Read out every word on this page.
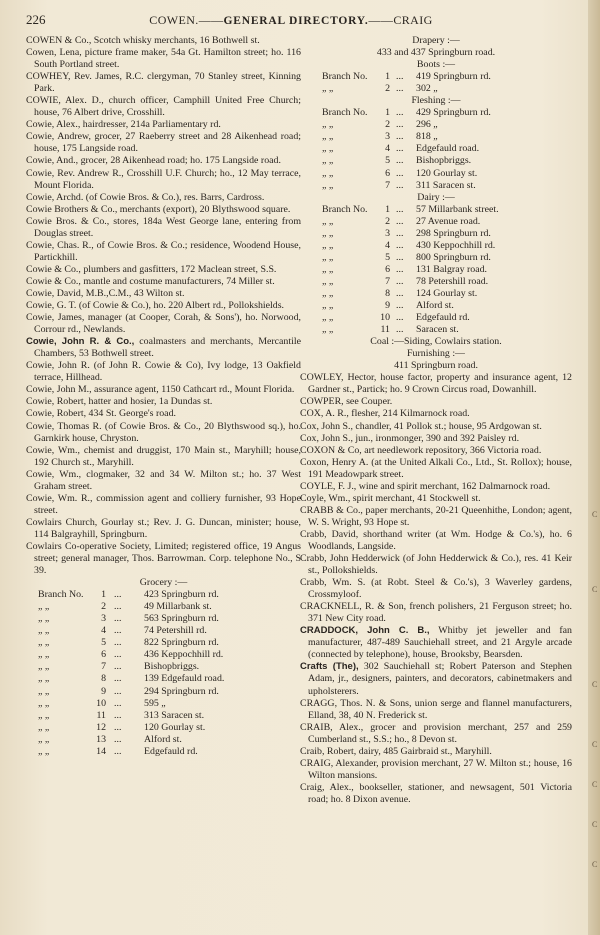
226	COWEN.——GENERAL DIRECTORY.——CRAIG
COWEN & Co., Scotch whisky merchants, 16 Bothwell st.
Cowen, Lena, picture frame maker, 54a Gt. Hamilton street; ho. 116 South Portland street.
COWHEY, Rev. James, R.C. clergyman, 70 Stanley street, Kinning Park.
COWIE, Alex. D., church officer, Camphill United Free Church; house, 76 Albert drive, Crosshill.
Cowie, Alex., hairdresser, 214a Parliamentary rd.
Cowie, Andrew, grocer, 27 Raeberry street and 28 Aikenhead road; house, 175 Langside road.
Cowie, And., grocer, 28 Aikenhead road; ho. 175 Langside road.
Cowie, Rev. Andrew R., Crosshill U.F. Church; ho., 12 May terrace, Mount Florida.
Cowie, Archd. (of Cowie Bros. & Co.), res. Barrs, Cardross.
Cowie Brothers & Co., merchants (export), 20 Blythswood square.
Cowie Bros. & Co., stores, 184a West George lane, entering from Douglas street.
Cowie, Chas. R., of Cowie Bros. & Co.; residence, Woodend House, Partickhill.
Cowie & Co., plumbers and gasfitters, 172 Maclean street, S.S.
Cowie & Co., mantle and costume manufacturers, 74 Miller st.
Cowie, David, M.B.,C.M., 43 Wilton st.
Cowie, G. T. (of Cowie & Co.), ho. 220 Albert rd., Pollokshields.
Cowie, James, manager (at Cooper, Corah, & Sons'), ho. Norwood, Corrour rd., Newlands.
Cowie, John R. & Co., coalmasters and merchants, Mercantile Chambers, 53 Bothwell street.
Cowie, John R. (of John R. Cowie & Co), Ivy lodge, 13 Oakfield terrace, Hillhead.
Cowie, John M., assurance agent, 1150 Cathcart rd., Mount Florida.
Cowie, Robert, hatter and hosier, 1a Dundas st.
Cowie, Robert, 434 St. George's road.
Cowie, Thomas R. (of Cowie Bros. & Co., 20 Blythswood sq.), ho. Garnkirk house, Chryston.
Cowie, Wm., chemist and druggist, 170 Main st., Maryhill; house, 192 Church st., Maryhill.
Cowie, Wm., clogmaker, 32 and 34 W. Milton st.; ho. 37 West Graham street.
Cowie, Wm. R., commission agent and colliery furnisher, 93 Hope street.
Cowlairs Church, Gourlay st.; Rev. J. G. Duncan, minister; house, 114 Balgrayhill, Springburn.
Cowlairs Co-operative Society, Limited; registered office, 19 Angus street; general manager, Thos. Barrowman. Corp. telephone No., S 39.
Grocery :—
Branch No.	1 ... 423 Springburn rd.
„ „	2 ... 49 Millarbank st.
„ „	3 ... 563 Springburn rd.
„ „	4 ... 74 Petershill rd.
„ „	5 ... 822 Springburn rd.
„ „	6 ... 436 Keppochhill rd.
„ „	7 ... Bishopbriggs.
„ „	8 ... 139 Edgefauld road.
„ „	9 ... 294 Springburn rd.
„ „	10 ... 595 „
„ „	11 ... 313 Saracen st.
„ „	12 ... 120 Gourlay st.
„ „	13 ... Alford st.
„ „	14 ... Edgefauld rd.
Drapery :—
433 and 437 Springburn road.
Boots :—
Branch No.	1 ... 419 Springburn rd.
„ „	2 ... 302 „
Fleshing :—
Branch No.	1 ... 429 Springburn rd.
„ „	2 ... 296 „
„ „	3 ... 818 „
„ „	4 ... Edgefauld road.
„ „	5 ... Bishopbriggs.
„ „	6 ... 120 Gourlay st.
„ „	7 ... 311 Saracen st.
Dairy :—
Branch No.	1 ... 57 Millarbank street.
„ „	2 ... 27 Avenue road.
„ „	3 ... 298 Springburn rd.
„ „	4 ... 430 Keppochhill rd.
„ „	5 ... 800 Springburn rd.
„ „	6 ... 131 Balgray road.
„ „	7 ... 78 Petershill road.
„ „	8 ... 124 Gourlay st.
„ „	9 ... Alford st.
„ „	10 ... Edgefauld rd.
„ „	11 ... Saracen st.
Coal :—Siding, Cowlairs station.
Furnishing :—
411 Springburn road.
COWLEY, Hector, house factor, property and insurance agent, 12 Gardner st., Partick; ho. 9 Crown Circus road, Dowanhill.
COWPER, see Couper.
COX, A. R., flesher, 214 Kilmarnock road.
Cox, John S., chandler, 41 Pollok st.; house, 95 Ardgowan st.
Cox, John S., jun., ironmonger, 390 and 392 Paisley rd.
COXON & Co, art needlework repository, 366 Victoria road.
Coxon, Henry A. (at the United Alkali Co., Ltd., St. Rollox); house, 191 Meadowpark street.
COYLE, F. J., wine and spirit merchant, 162 Dalmarnock road.
Coyle, Wm., spirit merchant, 41 Stockwell st.
CRABB & Co., paper merchants, 20-21 Queenhithe, London; agent, W. S. Wright, 93 Hope st.
Crabb, David, shorthand writer (at Wm. Hodge & Co.'s), ho. 6 Woodlands, Langside.
Crabb, John Hedderwick (of John Hedderwick & Co.), res. 41 Keir st., Pollokshields.
Crabb, Wm. S. (at Robt. Steel & Co.'s), 3 Waverley gardens, Crossmyloof.
CRACKNELL, R. & Son, french polishers, 21 Ferguson street; ho. 371 New City road.
CRADDOCK, John C. B., Whitby jet jeweller and fan manufacturer, 487-489 Sauchiehall street, and 21 Argyle arcade (connected by telephone), house, Brooksby, Bearsden.
Crafts (The), 302 Sauchiehall st; Robert Paterson and Stephen Adam, jr., designers, painters, and decorators, cabinetmakers and upholsterers.
CRAGG, Thos. N. & Sons, union serge and flannel manufacturers, Elland, 38, 40 N. Frederick st.
CRAIB, Alex., grocer and provision merchant, 257 and 259 Cumberland st., S.S.; ho., 8 Devon st.
Craib, Robert, dairy, 485 Gairbraid st., Maryhill.
CRAIG, Alexander, provision merchant, 27 W. Milton st.; house, 16 Wilton mansions.
Craig, Alex., bookseller, stationer, and newsagent, 501 Victoria road; ho. 8 Dixon avenue.
C
C
C
C
C
C
C
